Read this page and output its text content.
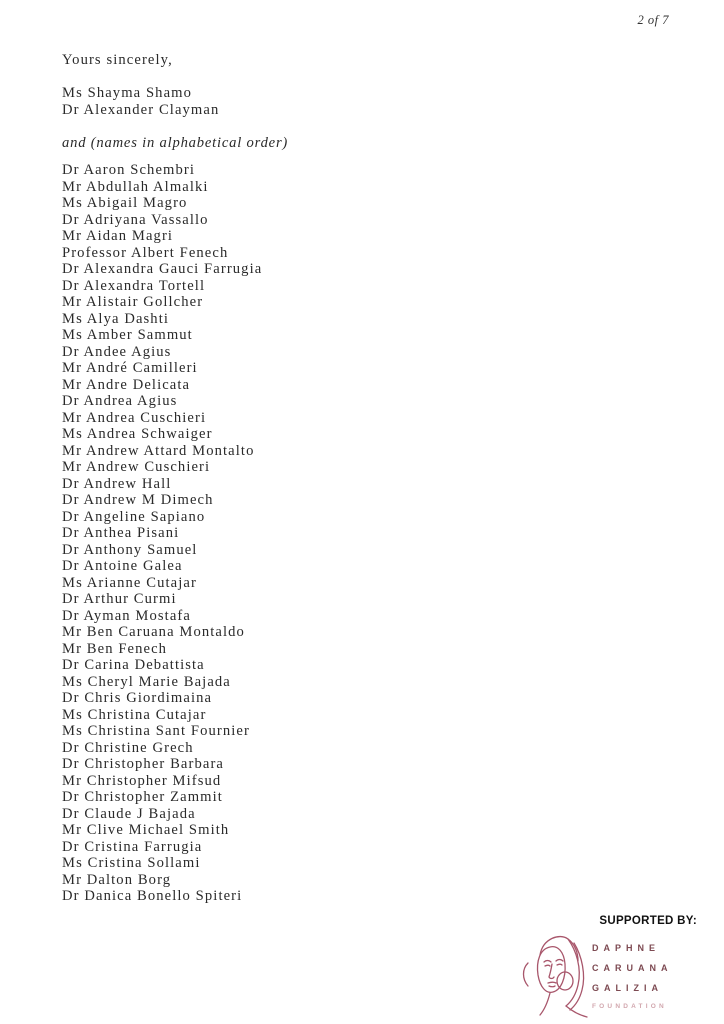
2 of 7
Yours sincerely,
Ms Shayma Shamo
Dr Alexander Clayman
and (names in alphabetical order)
Dr Aaron Schembri
Mr Abdullah Almalki
Ms Abigail Magro
Dr Adriyana Vassallo
Mr Aidan Magri
Professor Albert Fenech
Dr Alexandra Gauci Farrugia
Dr Alexandra Tortell
Mr Alistair Gollcher
Ms Alya Dashti
Ms Amber Sammut
Dr Andee Agius
Mr André Camilleri
Mr Andre Delicata
Dr Andrea Agius
Mr Andrea Cuschieri
Ms Andrea Schwaiger
Mr Andrew Attard Montalto
Mr Andrew Cuschieri
Dr Andrew Hall
Dr Andrew M Dimech
Dr Angeline Sapiano
Dr Anthea Pisani
Dr Anthony Samuel
Dr Antoine Galea
Ms Arianne Cutajar
Dr Arthur Curmi
Dr Ayman Mostafa
Mr Ben Caruana Montaldo
Mr Ben Fenech
Dr Carina Debattista
Ms Cheryl Marie Bajada
Dr Chris Giordimaina
Ms Christina Cutajar
Ms Christina Sant Fournier
Dr Christine Grech
Dr Christopher Barbara
Mr Christopher Mifsud
Dr Christopher Zammit
Dr Claude J Bajada
Mr Clive Michael Smith
Dr Cristina Farrugia
Ms Cristina Sollami
Mr Dalton Borg
Dr Danica Bonello Spiteri
SUPPORTED BY:
DAPHNE
CARUANA
GALIZIA
FOUNDATION
